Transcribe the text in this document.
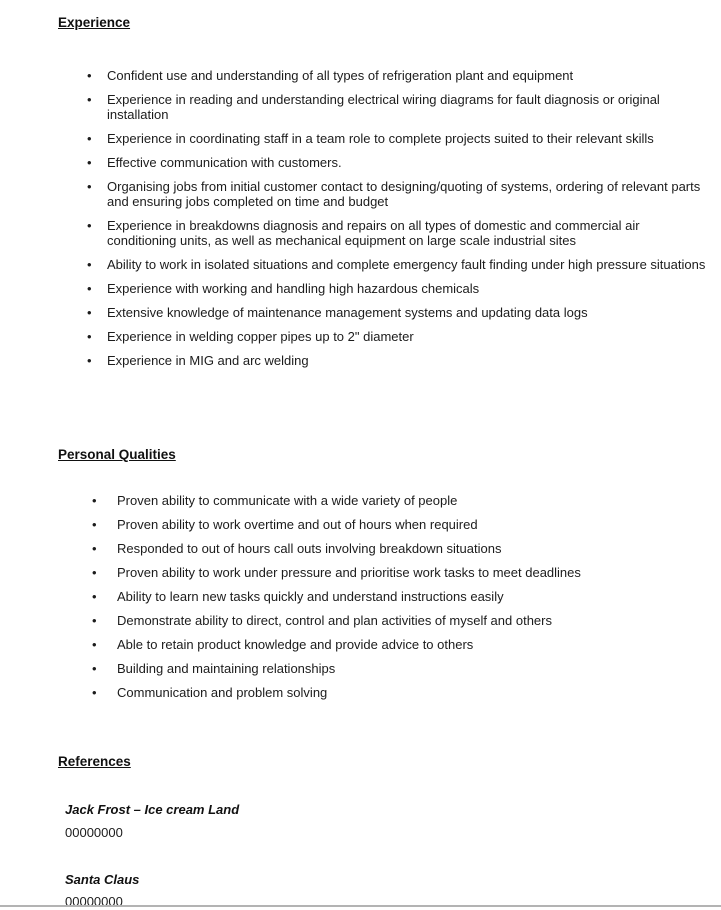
Experience
• Confident use and understanding of all types of refrigeration plant and equipment
• Experience in reading and understanding electrical wiring diagrams for fault diagnosis or original installation
• Experience in coordinating staff in a team role to complete projects suited to their relevant skills
• Effective communication with customers.
• Organising jobs from initial customer contact to designing/quoting of systems, ordering of relevant parts and ensuring jobs completed on time and budget
• Experience in breakdowns diagnosis and repairs on all types of domestic and commercial air conditioning units, as well as mechanical equipment on large scale industrial sites
• Ability to work in isolated situations and complete emergency fault finding under high pressure situations
• Experience with working and handling high hazardous chemicals
• Extensive knowledge of maintenance management systems and updating data logs
• Experience in welding copper pipes up to 2" diameter
• Experience in MIG and arc welding
Personal Qualities
• Proven ability to communicate with a wide variety of people
• Proven ability to work overtime and out of hours when required
• Responded to out of hours call outs involving breakdown situations
• Proven ability to work under pressure and prioritise work tasks to meet deadlines
• Ability to learn new tasks quickly and understand instructions easily
• Demonstrate ability to direct, control and plan activities of myself and others
• Able to retain product knowledge and provide advice to others
• Building and maintaining relationships
• Communication and problem solving
References

Jack Frost – Ice cream Land

00000000

Santa Claus

00000000
